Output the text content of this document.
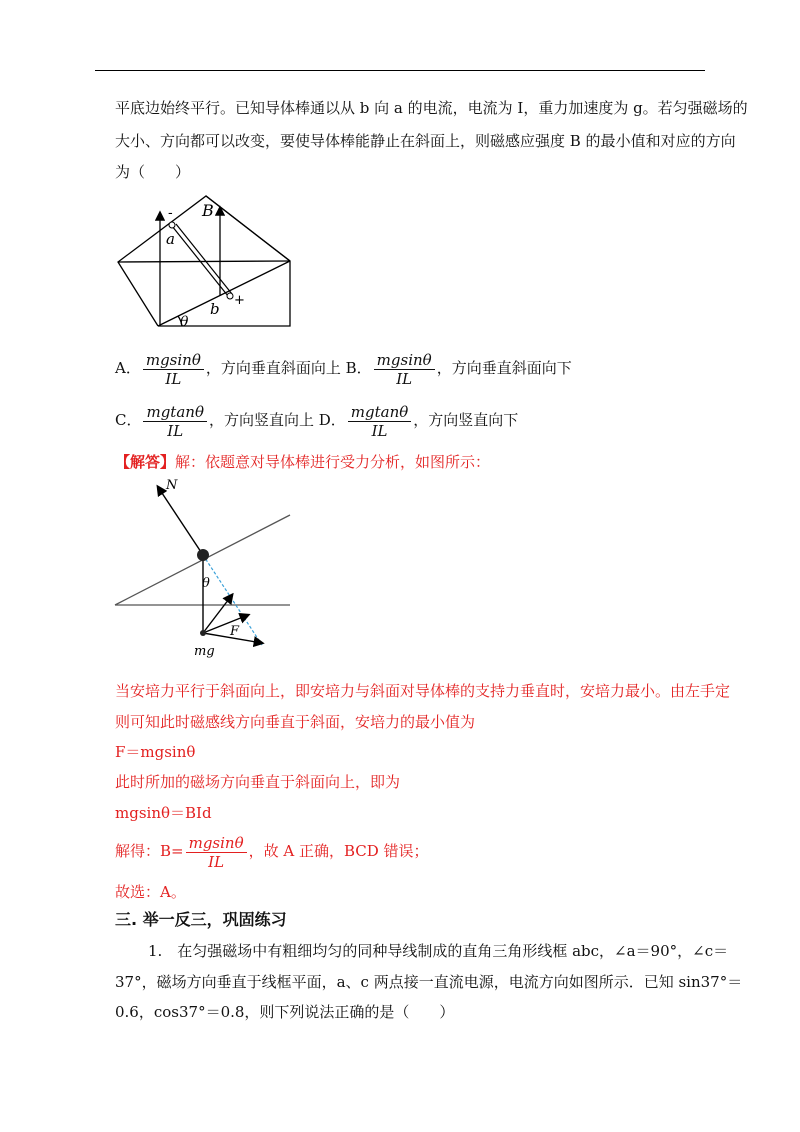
平底边始终平行。已知导体棒通以从 b 向 a 的电流，电流为 I，重力加速度为 g。若匀强磁场的
大小、方向都可以改变，要使导体棒能静止在斜面上，则磁感应强度 B 的最小值和对应的方向
为（　　）
a
b
B
-
+
θ
A． $\frac{mgsin\theta}{IL}$ ，方向垂直斜面向上 B． $\frac{mgsin\theta}{IL}$ ，方向垂直斜面向下
C． $\frac{mgtan\theta}{IL}$ ，方向竖直向上 D． $\frac{mgtan\theta}{IL}$ ，方向竖直向下
【解答】解：依题意对导体棒进行受力分析，如图所示：
N
θ
F
mg
当安培力平行于斜面向上，即安培力与斜面对导体棒的支持力垂直时，安培力最小。由左手定
则可知此时磁感线方向垂直于斜面，安培力的最小值为
F＝mgsinθ
此时所加的磁场方向垂直于斜面向上，即为
mgsinθ＝BId
解得：$B= \frac{mgsin\theta}{IL}$ ，故 A 正确，BCD 错误；
故选：A。
三. 举一反三，巩固练习
1.　在匀强磁场中有粗细均匀的同种导线制成的直角三角形线框 abc，∠a＝90°，∠c＝
37°，磁场方向垂直于线框平面，a、c 两点接一直流电源，电流方向如图所示．已知 sin37°＝
0.6，cos37°＝0.8，则下列说法正确的是（　　）
